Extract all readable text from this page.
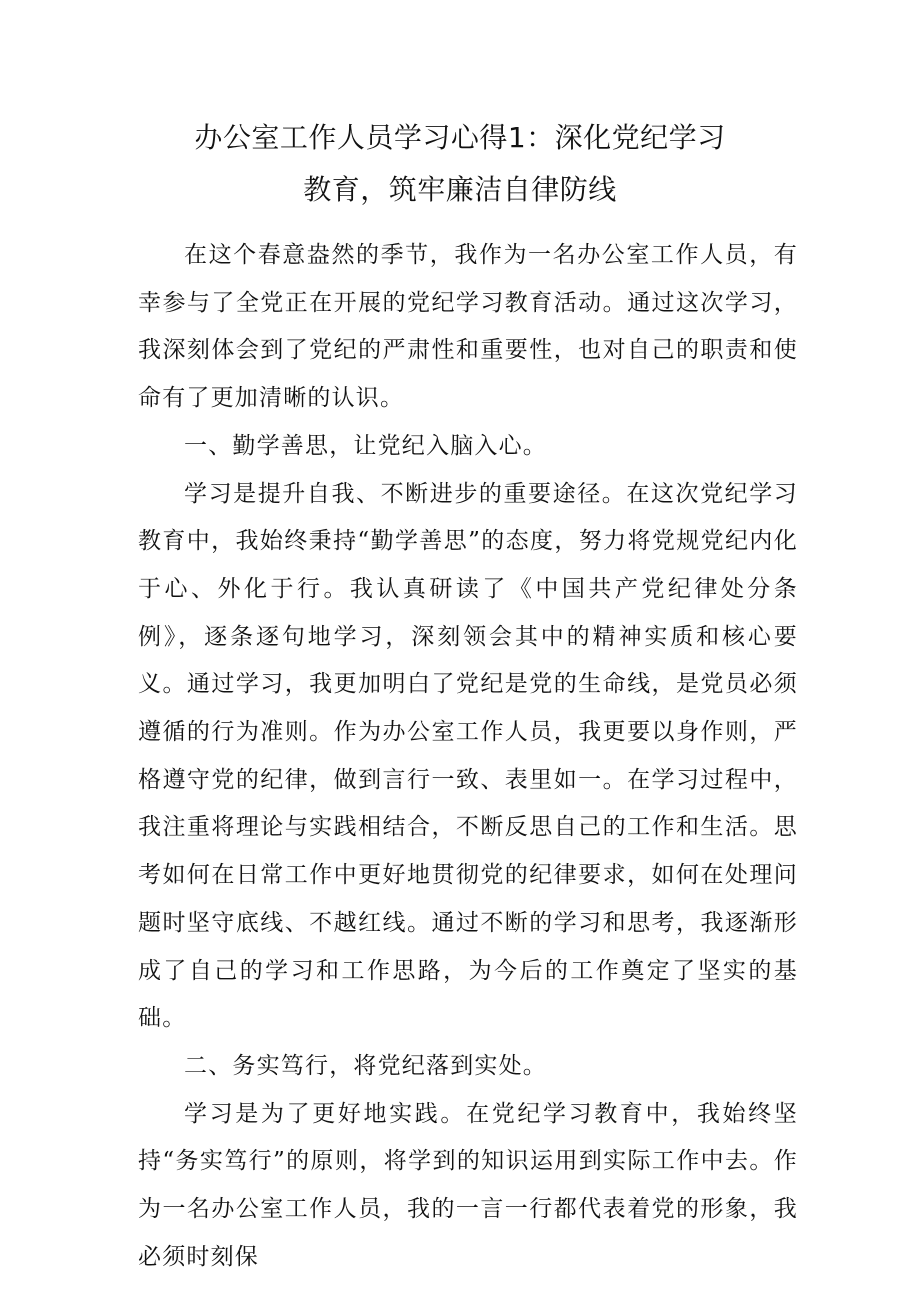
办公室工作人员学习心得1：深化党纪学习
教育，筑牢廉洁自律防线

在这个春意盎然的季节，我作为一名办公室工作人员，有幸参与了全党正在开展的党纪学习教育活动。通过这次学习，我深刻体会到了党纪的严肃性和重要性，也对自己的职责和使命有了更加清晰的认识。

一、勤学善思，让党纪入脑入心。

学习是提升自我、不断进步的重要途径。在这次党纪学习教育中，我始终秉持“勤学善思”的态度，努力将党规党纪内化于心、外化于行。我认真研读了《中国共产党纪律处分条例》，逐条逐句地学习，深刻领会其中的精神实质和核心要义。通过学习，我更加明白了党纪是党的生命线，是党员必须遵循的行为准则。作为办公室工作人员，我更要以身作则，严格遵守党的纪律，做到言行一致、表里如一。在学习过程中，我注重将理论与实践相结合，不断反思自己的工作和生活。思考如何在日常工作中更好地贯彻党的纪律要求，如何在处理问题时坚守底线、不越红线。通过不断的学习和思考，我逐渐形成了自己的学习和工作思路，为今后的工作奠定了坚实的基础。

二、务实笃行，将党纪落到实处。

学习是为了更好地实践。在党纪学习教育中，我始终坚持“务实笃行”的原则，将学到的知识运用到实际工作中去。作为一名办公室工作人员，我的一言一行都代表着党的形象，我必须时刻保
